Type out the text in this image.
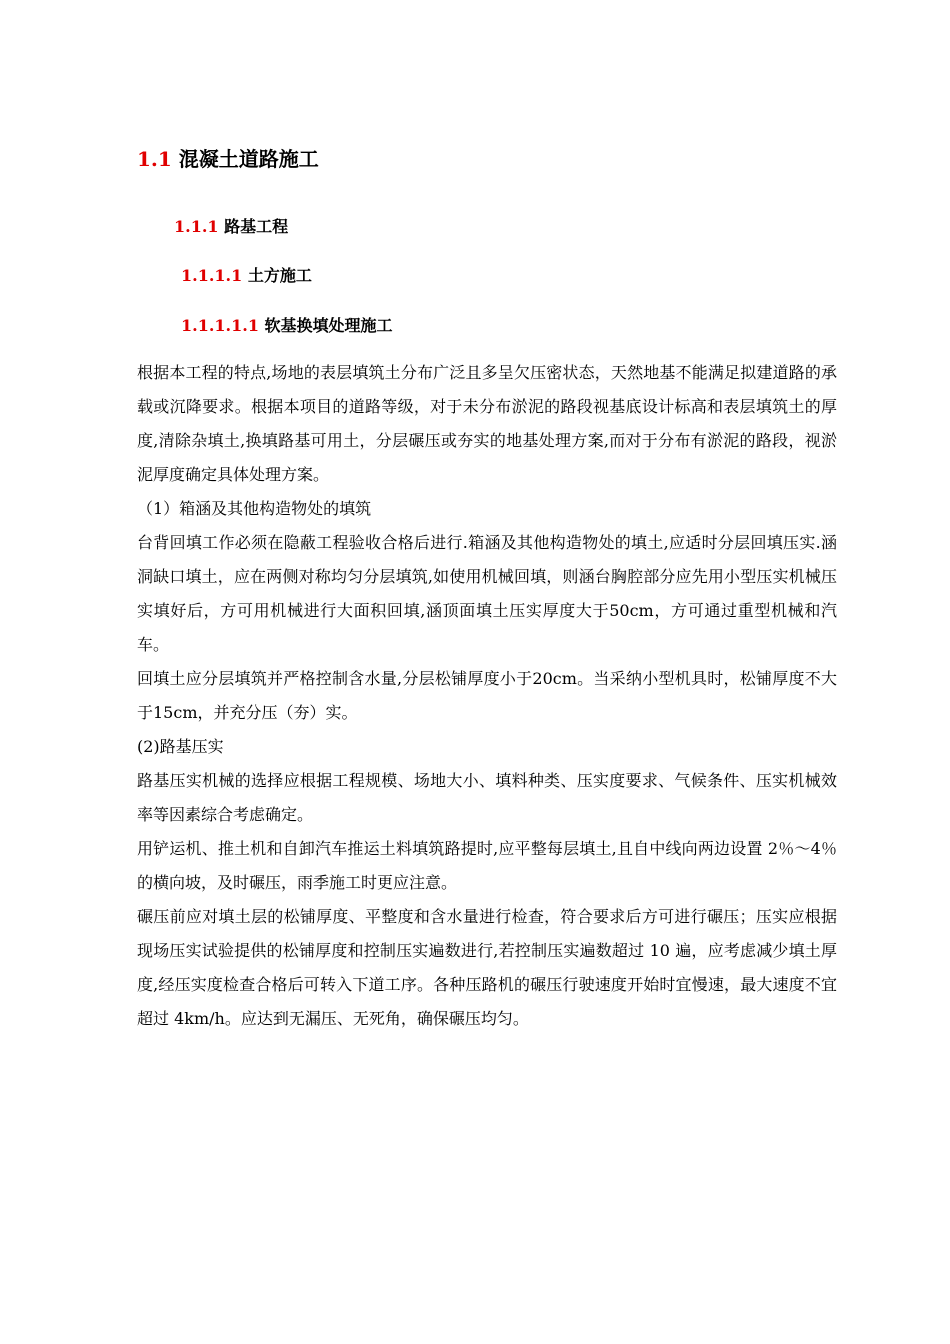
1.1 混凝土道路施工
1.1.1 路基工程
1.1.1.1 土方施工
1.1.1.1.1 软基换填处理施工

根据本工程的特点,场地的表层填筑土分布广泛且多呈欠压密状态，天然地基不能满足拟建道路的承载或沉降要求。根据本项目的道路等级，对于未分布淤泥的路段视基底设计标高和表层填筑土的厚度,清除杂填土,换填路基可用土，分层碾压或夯实的地基处理方案,而对于分布有淤泥的路段，视淤泥厚度确定具体处理方案。

（1）箱涵及其他构造物处的填筑

台背回填工作必须在隐蔽工程验收合格后进行.箱涵及其他构造物处的填土,应适时分层回填压实.涵洞缺口填土，应在两侧对称均匀分层填筑,如使用机械回填，则涵台胸腔部分应先用小型压实机械压实填好后，方可用机械进行大面积回填,涵顶面填土压实厚度大于50cm，方可通过重型机械和汽车。

回填土应分层填筑并严格控制含水量,分层松铺厚度小于20cm。当采纳小型机具时，松铺厚度不大于15cm，并充分压（夯）实。

(2)路基压实

路基压实机械的选择应根据工程规模、场地大小、填料种类、压实度要求、气候条件、压实机械效率等因素综合考虑确定。

用铲运机、推土机和自卸汽车推运土料填筑路提时,应平整每层填土,且自中线向两边设置 2％～4％的横向坡，及时碾压，雨季施工时更应注意。

碾压前应对填土层的松铺厚度、平整度和含水量进行检查，符合要求后方可进行碾压；压实应根据现场压实试验提供的松铺厚度和控制压实遍数进行,若控制压实遍数超过 10 遍，应考虑减少填土厚度,经压实度检查合格后可转入下道工序。各种压路机的碾压行驶速度开始时宜慢速，最大速度不宜超过 4km/h。应达到无漏压、无死角，确保碾压均匀。
